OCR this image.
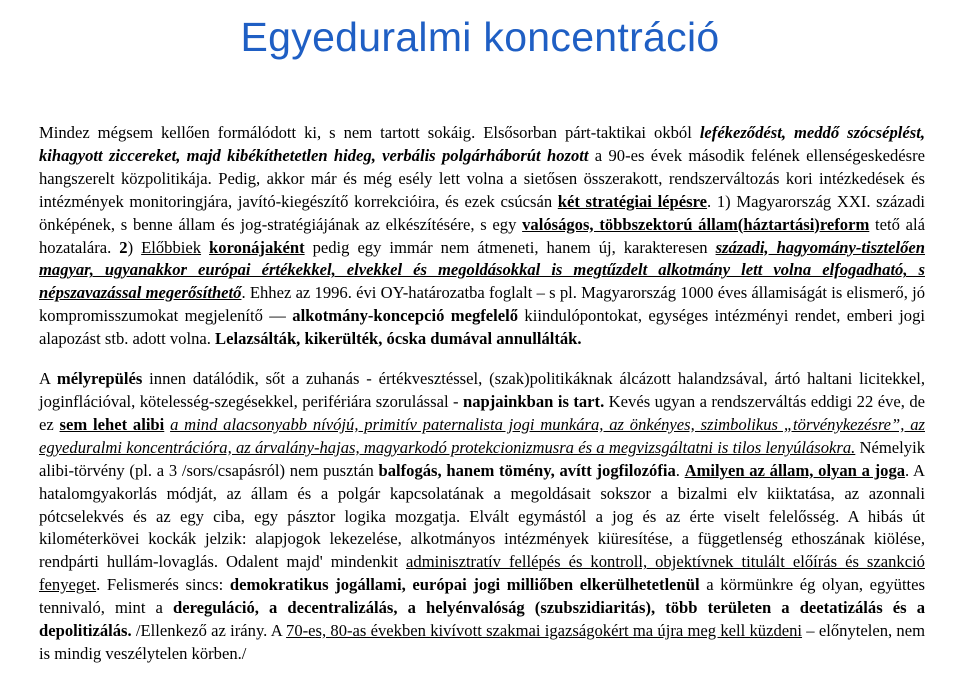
Egyeduralmi koncentráció

Mindez mégsem kellően formálódott ki, s nem tartott sokáig. Elsősorban párt-taktikai okból lefékeződést, meddő szócséplést, kihagyott ziccereket, majd kibékíthetetlen hideg, verbális polgárháborút hozott a 90-es évek második felének ellenségeskedésre hangszerelt közpolitikája. Pedig, akkor már és még esély lett volna a sietősen összerakott, rendszerváltozás kori intézkedések és intézmények monitoringjára, javító-kiegészítő korrekcióira, és ezek csúcsán két stratégiai lépésre. 1) Magyarország XXI. századi önképének, s benne állam és jog-stratégiájának az elkészítésére, s egy valóságos, többszektorú állam(háztartási)reform tető alá hozatalára. 2) Előbbiek koronájaként pedig egy immár nem átmeneti, hanem új, karakteresen századi, hagyomány-tisztelően magyar, ugyanakkor európai értékekkel, elvekkel és megoldásokkal is megtűzdelt alkotmány lett volna elfogadható, s népszavazással megerősíthető. Ehhez az 1996. évi OY-határozatba foglalt – s pl. Magyarország 1000 éves államiságát is elismerő, jó kompromisszumokat megjelenítő — alkotmány-koncepció megfelelő kiindulópontokat, egységes intézményi rendet, emberi jogi alapozást stb. adott volna. Lelazsálták, kikerülték, ócska dumával annullálták.

A mélyrepülés innen datálódik, sőt a zuhanás - értékvesztéssel, (szak)politikáknak álcázott halandzsával, ártó haltani licitekkel, joginflációval, kötelesség-szegésekkel, perifériára szorulással - napjainkban is tart. Kevés ugyan a rendszerváltás eddigi 22 éve, de ez sem lehet alibi a mind alacsonyabb nívójú, primitív paternalista jogi munkára, az önkényes, szimbolikus „törvénykezésre”, az egyeduralmi koncentrációra, az árvalány-hajas, magyarkodó protekcionizmusra és a megvizsgáltatni is tilos lenyúlásokra. Némelyik alibi-törvény (pl. a 3 /sors/csapásról) nem pusztán balfogás, hanem tömény, avítt jogfilozófia. Amilyen az állam, olyan a joga. A hatalomgyakorlás módját, az állam és a polgár kapcsolatának a megoldásait sokszor a bizalmi elv kiiktatása, az azonnali pótcselekvés és az egy ciba, egy pásztor logika mozgatja. Elvált egymástól a jog és az érte viselt felelősség. A hibás út kilométerkövei kockák jelzik: alapjogok lekezelése, alkotmányos intézmények kiüresítése, a függetlenség ethoszának kiölése, rendpárti hullám-lovaglás. Odalent majd' mindenkit adminisztratív fellépés és kontroll, objektívnek titulált előírás és szankció fenyeget. Felismerés sincs: demokratikus jogállami, európai jogi milliőben elkerülhetetlenül a körmünkre ég olyan, együttes tennivaló, mint a dereguláció, a decentralizálás, a helyénvalóság (szubszidiaritás), több területen a deetatizálás és a depolitizálás. /Ellenkező az irány. A 70-es, 80-as években kivívott szakmai igazságokért ma újra meg kell küzdeni – előnytelen, nem is mindig veszélytelen körben./
